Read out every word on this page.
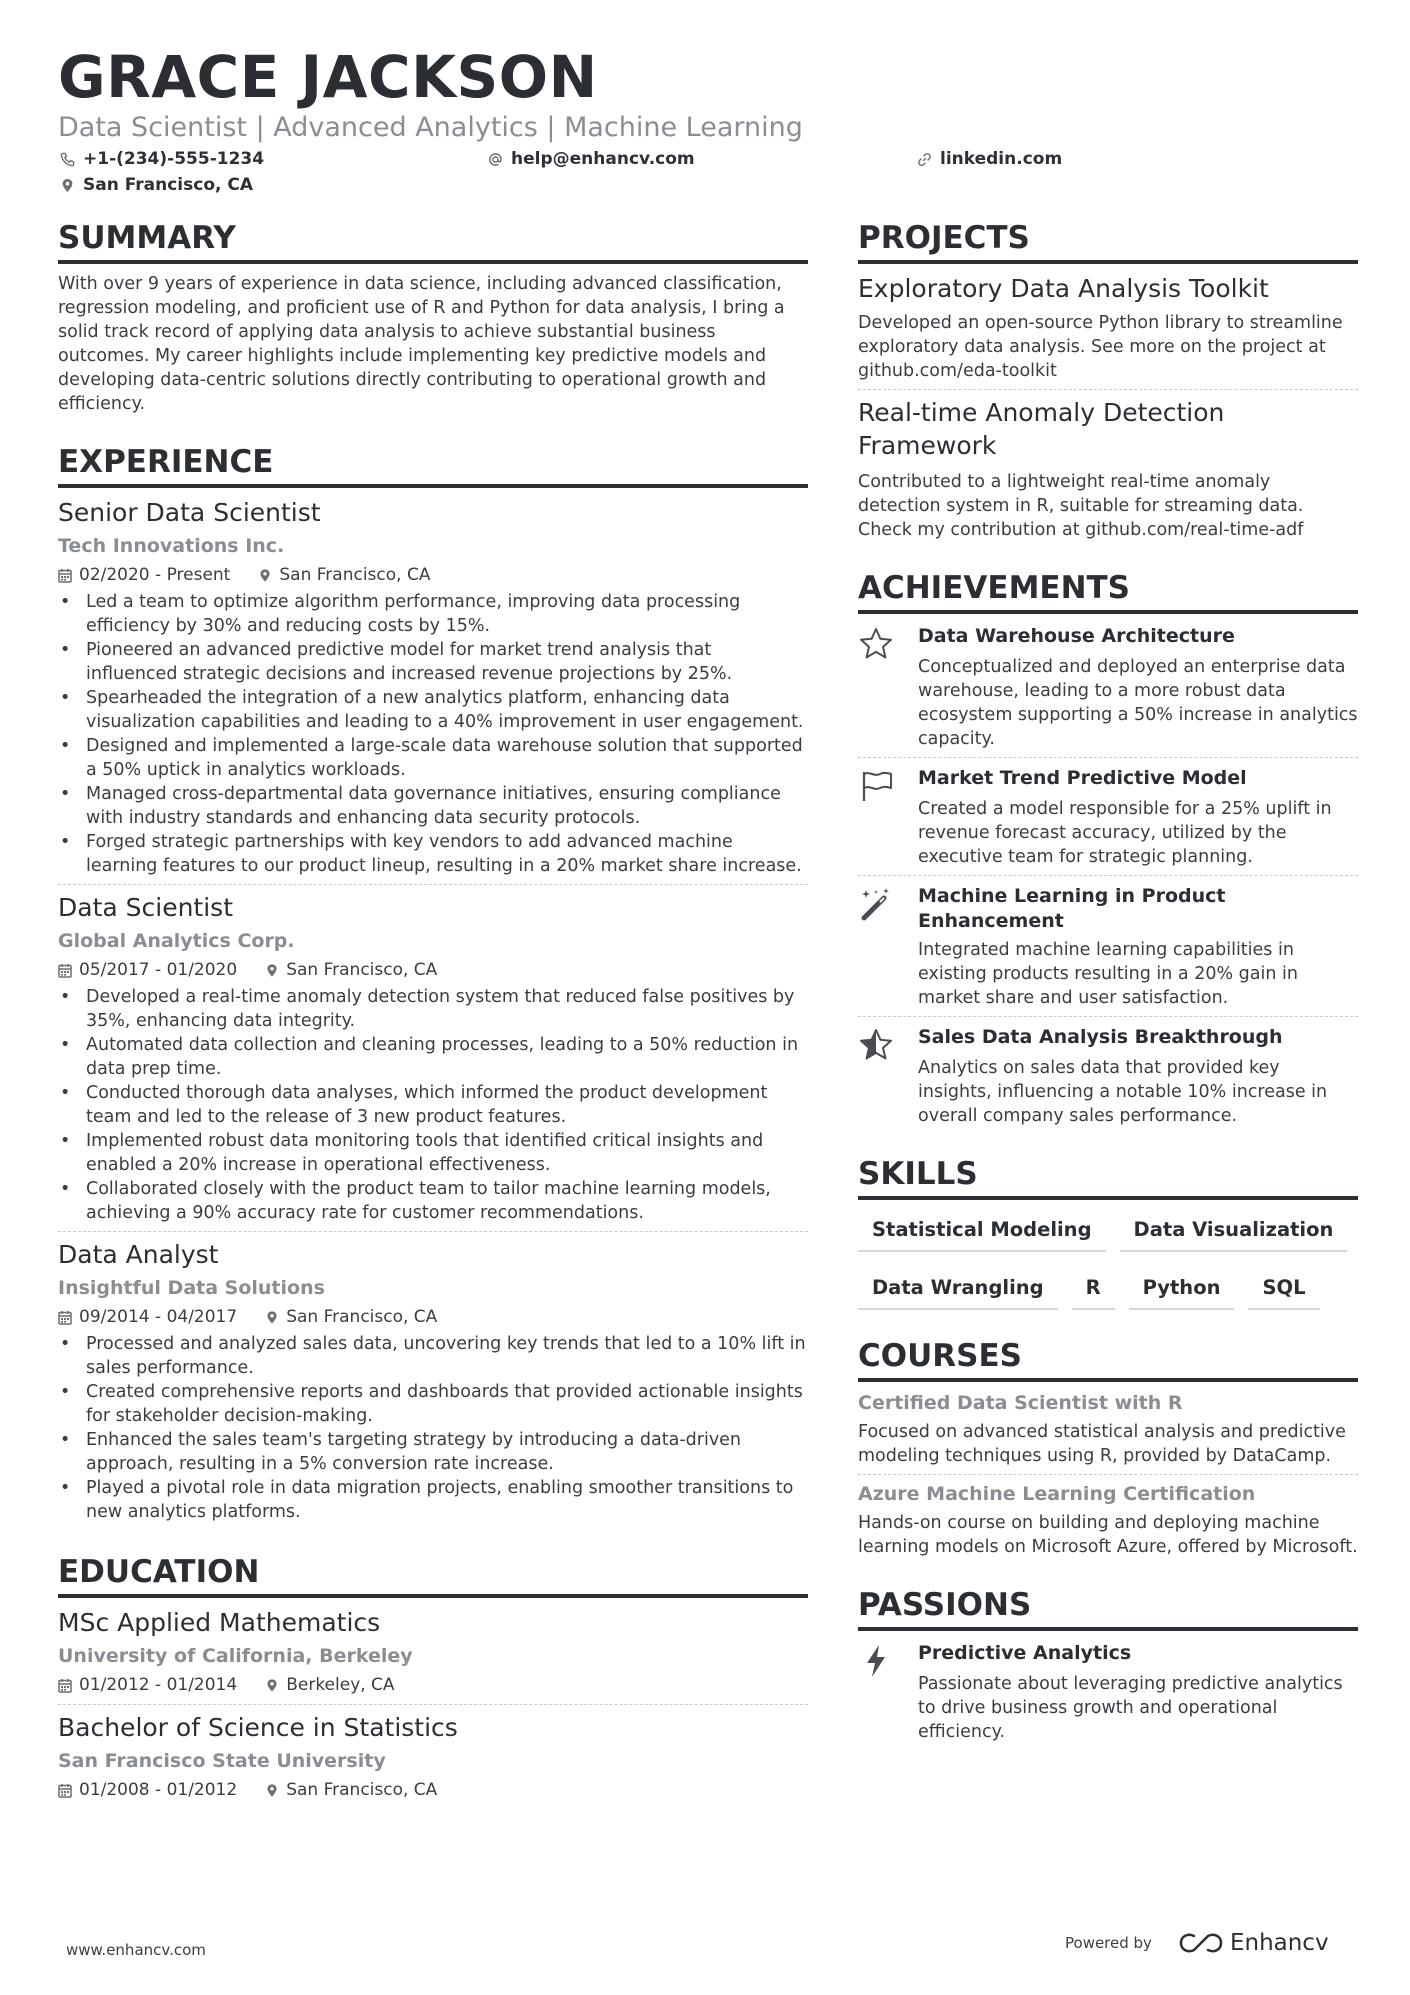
GRACE JACKSON
Data Scientist | Advanced Analytics | Machine Learning
+1-(234)-555-1234	help@enhancv.com	linkedin.com
San Francisco, CA
SUMMARY
With over 9 years of experience in data science, including advanced classification, regression modeling, and proficient use of R and Python for data analysis, I bring a solid track record of applying data analysis to achieve substantial business outcomes. My career highlights include implementing key predictive models and developing data-centric solutions directly contributing to operational growth and efficiency.
EXPERIENCE
Senior Data Scientist
Tech Innovations Inc.
02/2020 - Present	San Francisco, CA
• Led a team to optimize algorithm performance, improving data processing efficiency by 30% and reducing costs by 15%.
• Pioneered an advanced predictive model for market trend analysis that influenced strategic decisions and increased revenue projections by 25%.
• Spearheaded the integration of a new analytics platform, enhancing data visualization capabilities and leading to a 40% improvement in user engagement.
• Designed and implemented a large-scale data warehouse solution that supported a 50% uptick in analytics workloads.
• Managed cross-departmental data governance initiatives, ensuring compliance with industry standards and enhancing data security protocols.
• Forged strategic partnerships with key vendors to add advanced machine learning features to our product lineup, resulting in a 20% market share increase.
Data Scientist
Global Analytics Corp.
05/2017 - 01/2020	San Francisco, CA
• Developed a real-time anomaly detection system that reduced false positives by 35%, enhancing data integrity.
• Automated data collection and cleaning processes, leading to a 50% reduction in data prep time.
• Conducted thorough data analyses, which informed the product development team and led to the release of 3 new product features.
• Implemented robust data monitoring tools that identified critical insights and enabled a 20% increase in operational effectiveness.
• Collaborated closely with the product team to tailor machine learning models, achieving a 90% accuracy rate for customer recommendations.
Data Analyst
Insightful Data Solutions
09/2014 - 04/2017	San Francisco, CA
• Processed and analyzed sales data, uncovering key trends that led to a 10% lift in sales performance.
• Created comprehensive reports and dashboards that provided actionable insights for stakeholder decision-making.
• Enhanced the sales team's targeting strategy by introducing a data-driven approach, resulting in a 5% conversion rate increase.
• Played a pivotal role in data migration projects, enabling smoother transitions to new analytics platforms.
EDUCATION
MSc Applied Mathematics
University of California, Berkeley
01/2012 - 01/2014	Berkeley, CA
Bachelor of Science in Statistics
San Francisco State University
01/2008 - 01/2012	San Francisco, CA
PROJECTS
Exploratory Data Analysis Toolkit
Developed an open-source Python library to streamline exploratory data analysis. See more on the project at github.com/eda-toolkit
Real-time Anomaly Detection Framework
Contributed to a lightweight real-time anomaly detection system in R, suitable for streaming data. Check my contribution at github.com/real-time-adf
ACHIEVEMENTS
Data Warehouse Architecture
Conceptualized and deployed an enterprise data warehouse, leading to a more robust data ecosystem supporting a 50% increase in analytics capacity.
Market Trend Predictive Model
Created a model responsible for a 25% uplift in revenue forecast accuracy, utilized by the executive team for strategic planning.
Machine Learning in Product Enhancement
Integrated machine learning capabilities in existing products resulting in a 20% gain in market share and user satisfaction.
Sales Data Analysis Breakthrough
Analytics on sales data that provided key insights, influencing a notable 10% increase in overall company sales performance.
SKILLS
Statistical Modeling	Data Visualization
Data Wrangling	R	Python	SQL
COURSES
Certified Data Scientist with R
Focused on advanced statistical analysis and predictive modeling techniques using R, provided by DataCamp.
Azure Machine Learning Certification
Hands-on course on building and deploying machine learning models on Microsoft Azure, offered by Microsoft.
PASSIONS
Predictive Analytics
Passionate about leveraging predictive analytics to drive business growth and operational efficiency.
www.enhancv.com	Powered by	Enhancv
